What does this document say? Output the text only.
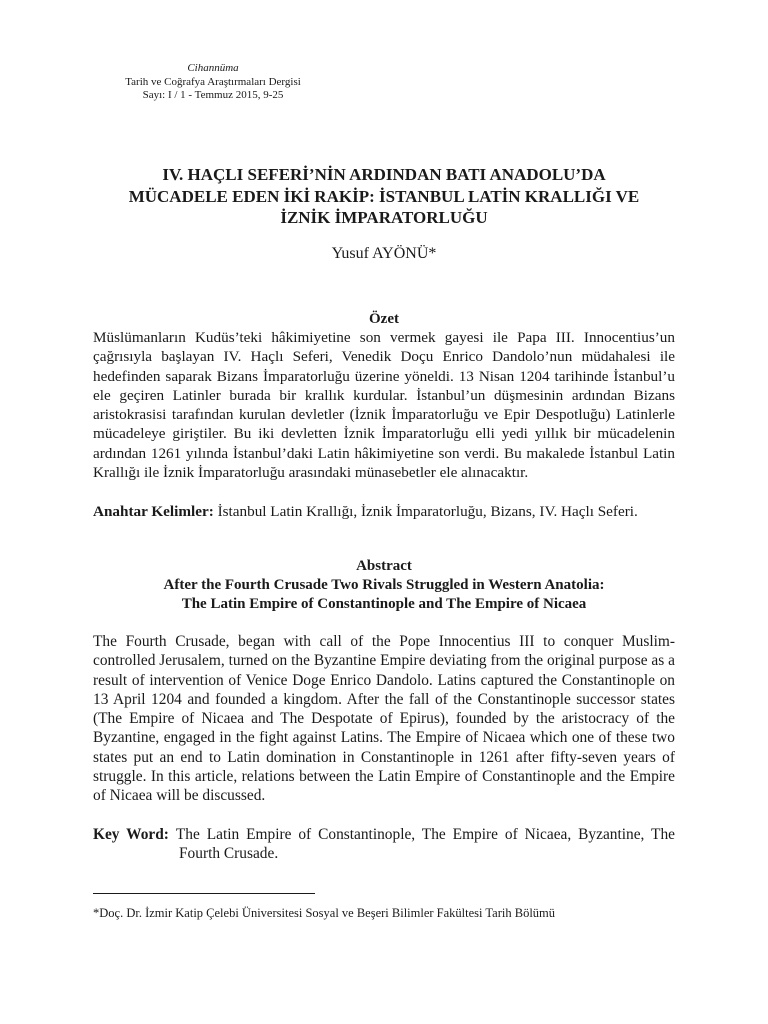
Cihannüma
Tarih ve Coğrafya Araştırmaları Dergisi
Sayı: I / 1 - Temmuz 2015, 9-25
IV. HAÇLI SEFERİ’NİN ARDINDAN BATI ANADOLU’DA
MÜCADELE EDEN İKİ RAKİP: İSTANBUL LATİN KRALLIĞI VE
İZNİK İMPARATORLUĞU
Yusuf AYÖNÜ*
Özet

Müslümanların Kudüs’teki hâkimiyetine son vermek gayesi ile Papa III. Innocentius’un çağrısıyla başlayan IV. Haçlı Seferi, Venedik Doçu Enrico Dandolo’nun müdahalesi ile hedefinden saparak Bizans İmparatorluğu üzerine yöneldi. 13 Nisan 1204 tarihinde İstanbul’u ele geçiren Latinler burada bir krallık kurdular. İstanbul’un düşmesinin ardından Bizans aristokrasisi tarafından kurulan devletler (İznik İmparatorluğu ve Epir Despotluğu) Latinlerle mücadeleye giriştiler. Bu iki devletten İznik İmparatorluğu elli yedi yıllık bir mücadelenin ardından 1261 yılında İstanbul’daki Latin hâkimiyetine son verdi. Bu makalede İstanbul Latin Krallığı ile İznik İmparatorluğu arasındaki münasebetler ele alınacaktır.

Anahtar Kelimler: İstanbul Latin Krallığı, İznik İmparatorluğu, Bizans, IV. Haçlı Seferi.
Abstract
After the Fourth Crusade Two Rivals Struggled in Western Anatolia:
The Latin Empire of Constantinople and The Empire of Nicaea

The Fourth Crusade, began with call of the Pope Innocentius III to conquer Muslim-controlled Jerusalem, turned on the Byzantine Empire deviating from the original purpose as a result of intervention of Venice Doge Enrico Dandolo. Latins captured the Constantinople on 13 April 1204 and founded a kingdom. After the fall of the Constantinople successor states (The Empire of Nicaea and The Despotate of Epirus), founded by the aristocracy of the Byzantine, engaged in the fight against Latins. The Empire of Nicaea which one of these two states put an end to Latin domination in Constantinople in 1261 after fifty-seven years of struggle. In this article, relations between the Latin Empire of Constantinople and the Empire of Nicaea will be discussed.

Key Word: The Latin Empire of Constantinople, The Empire of Nicaea, Byzantine, The Fourth Crusade.
*Doç. Dr. İzmir Katip Çelebi Üniversitesi Sosyal ve Beşeri Bilimler Fakültesi Tarih Bölümü
